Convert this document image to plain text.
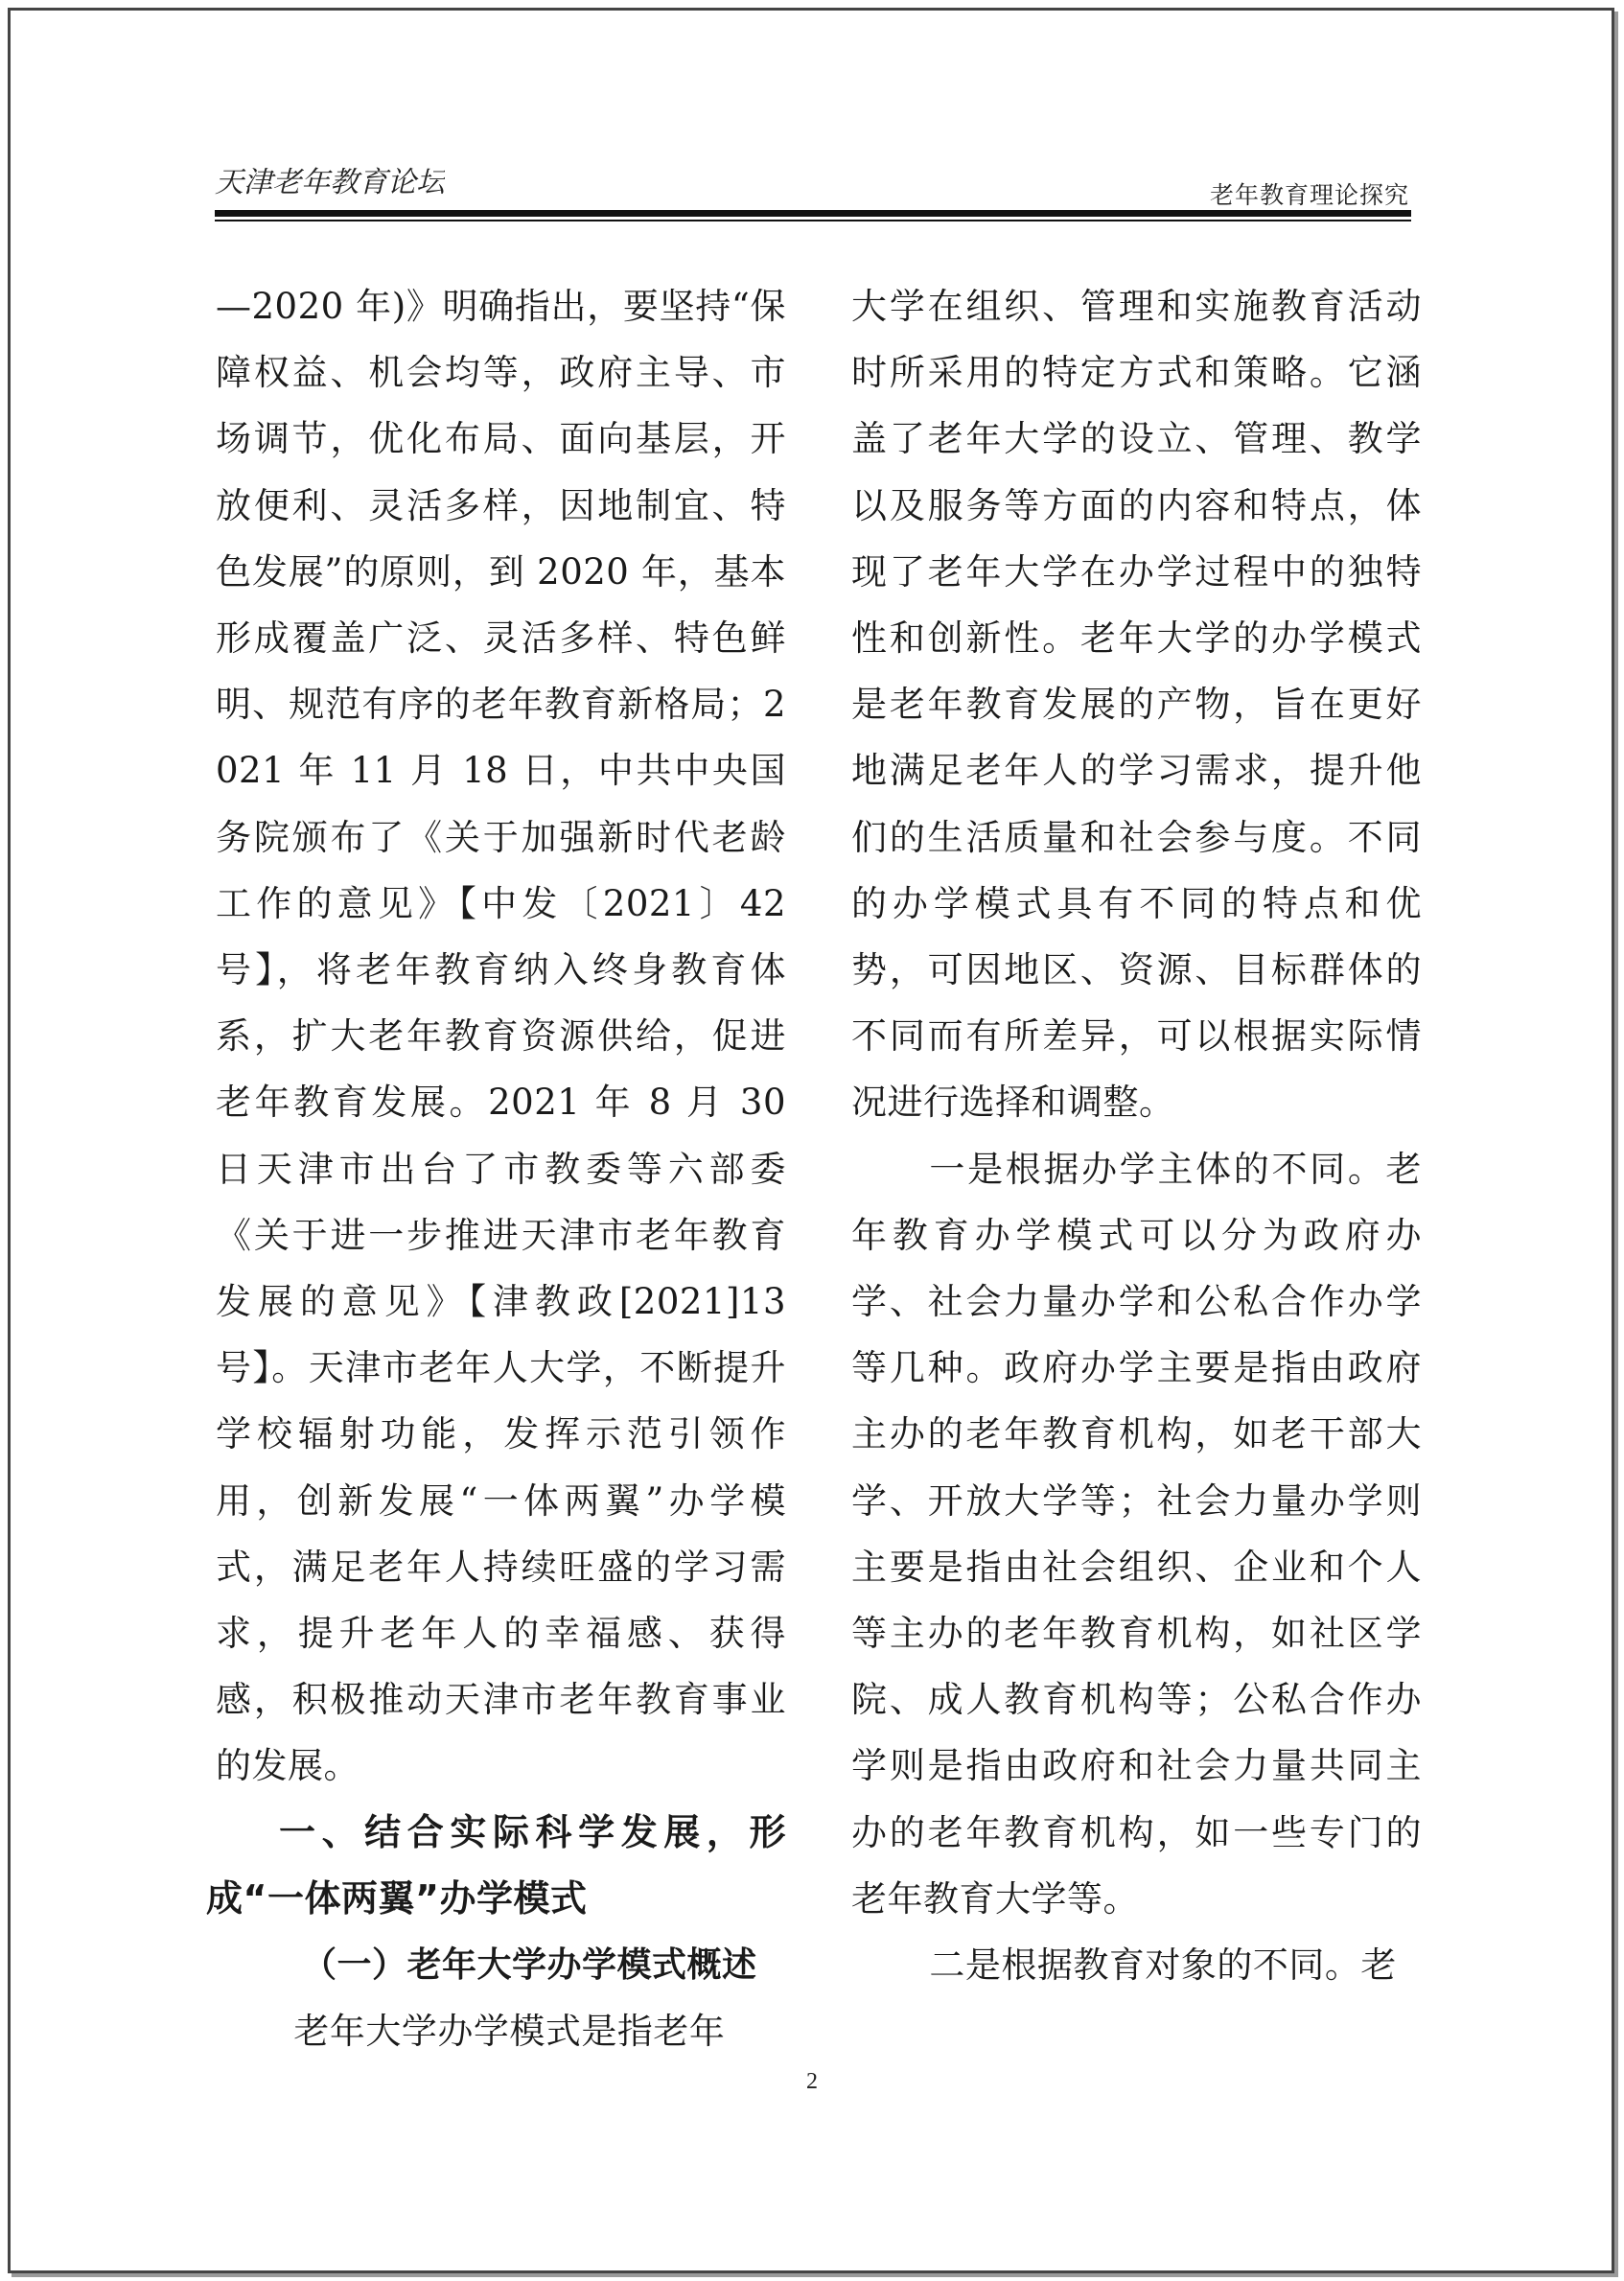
天津老年教育论坛	老年教育理论探究

—2020 年)》明确指出，要坚持“保障权益、机会均等，政府主导、市场调节，优化布局、面向基层，开放便利、灵活多样，因地制宜、特色发展”的原则，到 2020 年，基本形成覆盖广泛、灵活多样、特色鲜明、规范有序的老年教育新格局；2021 年 11 月 18 日，中共中央国务院颁布了《关于加强新时代老龄工作的意见》【中发〔2021〕42 号】，将老年教育纳入终身教育体系，扩大老年教育资源供给，促进老年教育发展。2021 年 8 月 30 日天津市出台了市教委等六部委《关于进一步推进天津市老年教育发展的意见》【津教政[2021]13 号】。天津市老年人大学，不断提升学校辐射功能，发挥示范引领作用，创新发展“一体两翼”办学模式，满足老年人持续旺盛的学习需求，提升老年人的幸福感、获得感，积极推动天津市老年教育事业的发展。

一、结合实际科学发展，形成“一体两翼”办学模式

（一）老年大学办学模式概述

老年大学办学模式是指老年

大学在组织、管理和实施教育活动时所采用的特定方式和策略。它涵盖了老年大学的设立、管理、教学以及服务等方面的内容和特点，体现了老年大学在办学过程中的独特性和创新性。老年大学的办学模式是老年教育发展的产物，旨在更好地满足老年人的学习需求，提升他们的生活质量和社会参与度。不同的办学模式具有不同的特点和优势，可因地区、资源、目标群体的不同而有所差异，可以根据实际情况进行选择和调整。

一是根据办学主体的不同。老年教育办学模式可以分为政府办学、社会力量办学和公私合作办学等几种。政府办学主要是指由政府主办的老年教育机构，如老干部大学、开放大学等；社会力量办学则主要是指由社会组织、企业和个人等主办的老年教育机构，如社区学院、成人教育机构等；公私合作办学则是指由政府和社会力量共同主办的老年教育机构，如一些专门的老年教育大学等。

二是根据教育对象的不同。老

2
